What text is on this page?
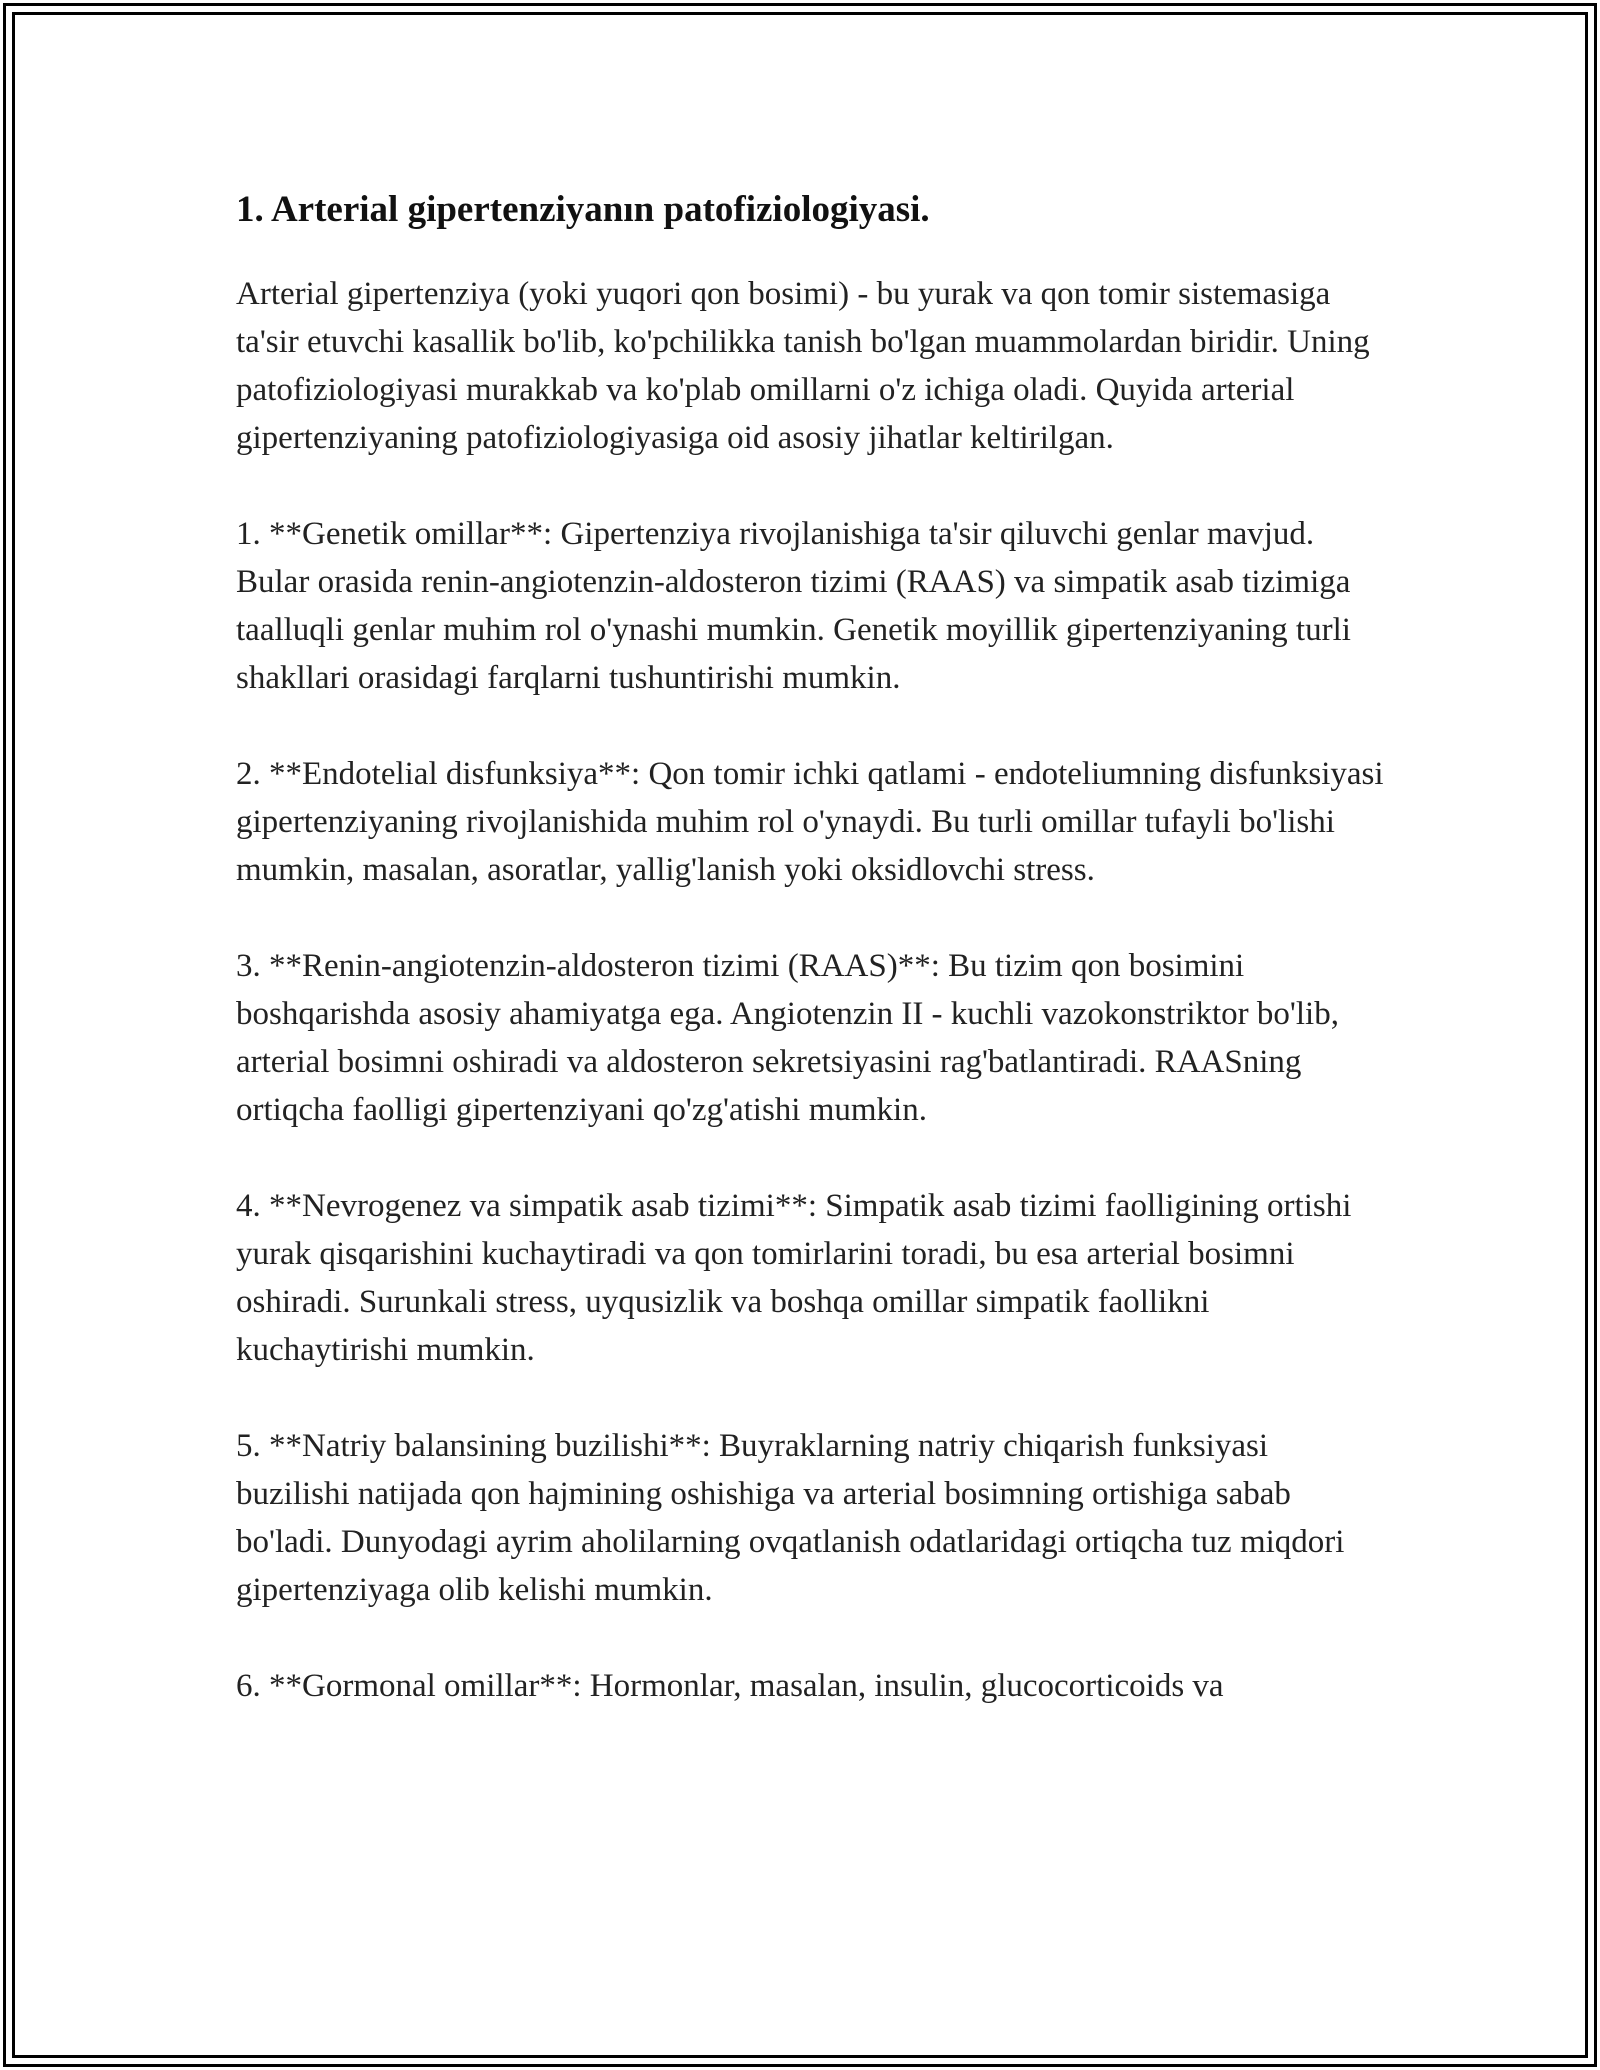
1. Arterial gipertenziyanın patofiziologiyasi.

Arterial gipertenziya (yoki yuqori qon bosimi) - bu yurak va qon tomir sistemasiga ta'sir etuvchi kasallik bo'lib, ko'pchilikka tanish bo'lgan muammolardan biridir. Uning patofiziologiyasi murakkab va ko'plab omillarni o'z ichiga oladi. Quyida arterial gipertenziyaning patofiziologiyasiga oid asosiy jihatlar keltirilgan.

1. **Genetik omillar**: Gipertenziya rivojlanishiga ta'sir qiluvchi genlar mavjud. Bular orasida renin-angiotenzin-aldosteron tizimi (RAAS) va simpatik asab tizimiga taalluqli genlar muhim rol o'ynashi mumkin. Genetik moyillik gipertenziyaning turli shakllari orasidagi farqlarni tushuntirishi mumkin.

2. **Endotelial disfunksiya**: Qon tomir ichki qatlami - endoteliumning disfunksiyasi gipertenziyaning rivojlanishida muhim rol o'ynaydi. Bu turli omillar tufayli bo'lishi mumkin, masalan, asoratlar, yallig'lanish yoki oksidlovchi stress.

3. **Renin-angiotenzin-aldosteron tizimi (RAAS)**: Bu tizim qon bosimini boshqarishda asosiy ahamiyatga ega. Angiotenzin II - kuchli vazokonstriktor bo'lib, arterial bosimni oshiradi va aldosteron sekretsiyasini rag'batlantiradi. RAASning ortiqcha faolligi gipertenziyani qo'zg'atishi mumkin.

4. **Nevrogenez va simpatik asab tizimi**: Simpatik asab tizimi faolligining ortishi yurak qisqarishini kuchaytiradi va qon tomirlarini toradi, bu esa arterial bosimni oshiradi. Surunkali stress, uyqusizlik va boshqa omillar simpatik faollikni kuchaytirishi mumkin.

5. **Natriy balansining buzilishi**: Buyraklarning natriy chiqarish funksiyasi buzilishi natijada qon hajmining oshishiga va arterial bosimning ortishiga sabab bo'ladi. Dunyodagi ayrim aholilarning ovqatlanish odatlaridagi ortiqcha tuz miqdori gipertenziyaga olib kelishi mumkin.

6. **Gormonal omillar**: Hormonlar, masalan, insulin, glucocorticoids va
